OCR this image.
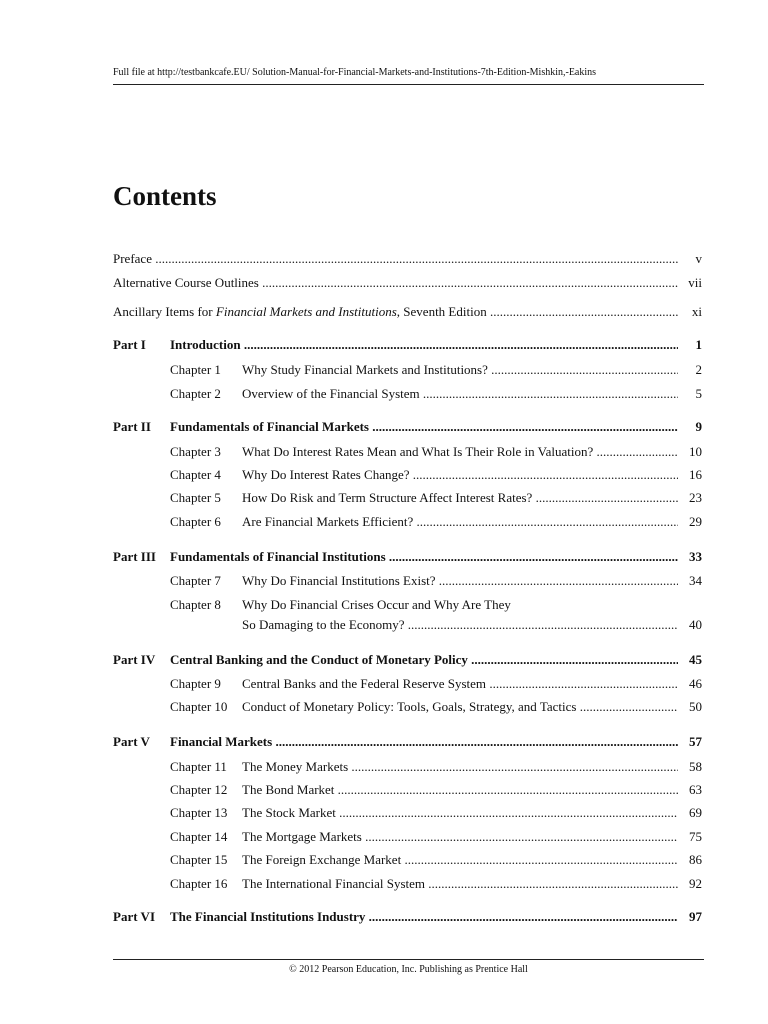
Full file at http://testbankcafe.EU/ Solution-Manual-for-Financial-Markets-and-Institutions-7th-Edition-Mishkin,-Eakins
Contents
Preface .....	v
Alternative Course Outlines .....	vii
Ancillary Items for Financial Markets and Institutions, Seventh Edition .....	xi
Part I Introduction .....	1
Chapter 1 Why Study Financial Markets and Institutions? .....	2
Chapter 2 Overview of the Financial System .....	5
Part II Fundamentals of Financial Markets .....	9
Chapter 3 What Do Interest Rates Mean and What Is Their Role in Valuation? .....	10
Chapter 4 Why Do Interest Rates Change? .....	16
Chapter 5 How Do Risk and Term Structure Affect Interest Rates? .....	23
Chapter 6 Are Financial Markets Efficient? .....	29
Part III Fundamentals of Financial Institutions .....	33
Chapter 7 Why Do Financial Institutions Exist? .....	34
Chapter 8 Why Do Financial Crises Occur and Why Are They
So Damaging to the Economy? .....	40
Part IV Central Banking and the Conduct of Monetary Policy .....	45
Chapter 9 Central Banks and the Federal Reserve System .....	46
Chapter 10 Conduct of Monetary Policy: Tools, Goals, Strategy, and Tactics .....	50
Part V Financial Markets .....	57
Chapter 11 The Money Markets .....	58
Chapter 12 The Bond Market .....	63
Chapter 13 The Stock Market .....	69
Chapter 14 The Mortgage Markets .....	75
Chapter 15 The Foreign Exchange Market .....	86
Chapter 16 The International Financial System .....	92
Part VI The Financial Institutions Industry .....	97
© 2012 Pearson Education, Inc. Publishing as Prentice Hall
